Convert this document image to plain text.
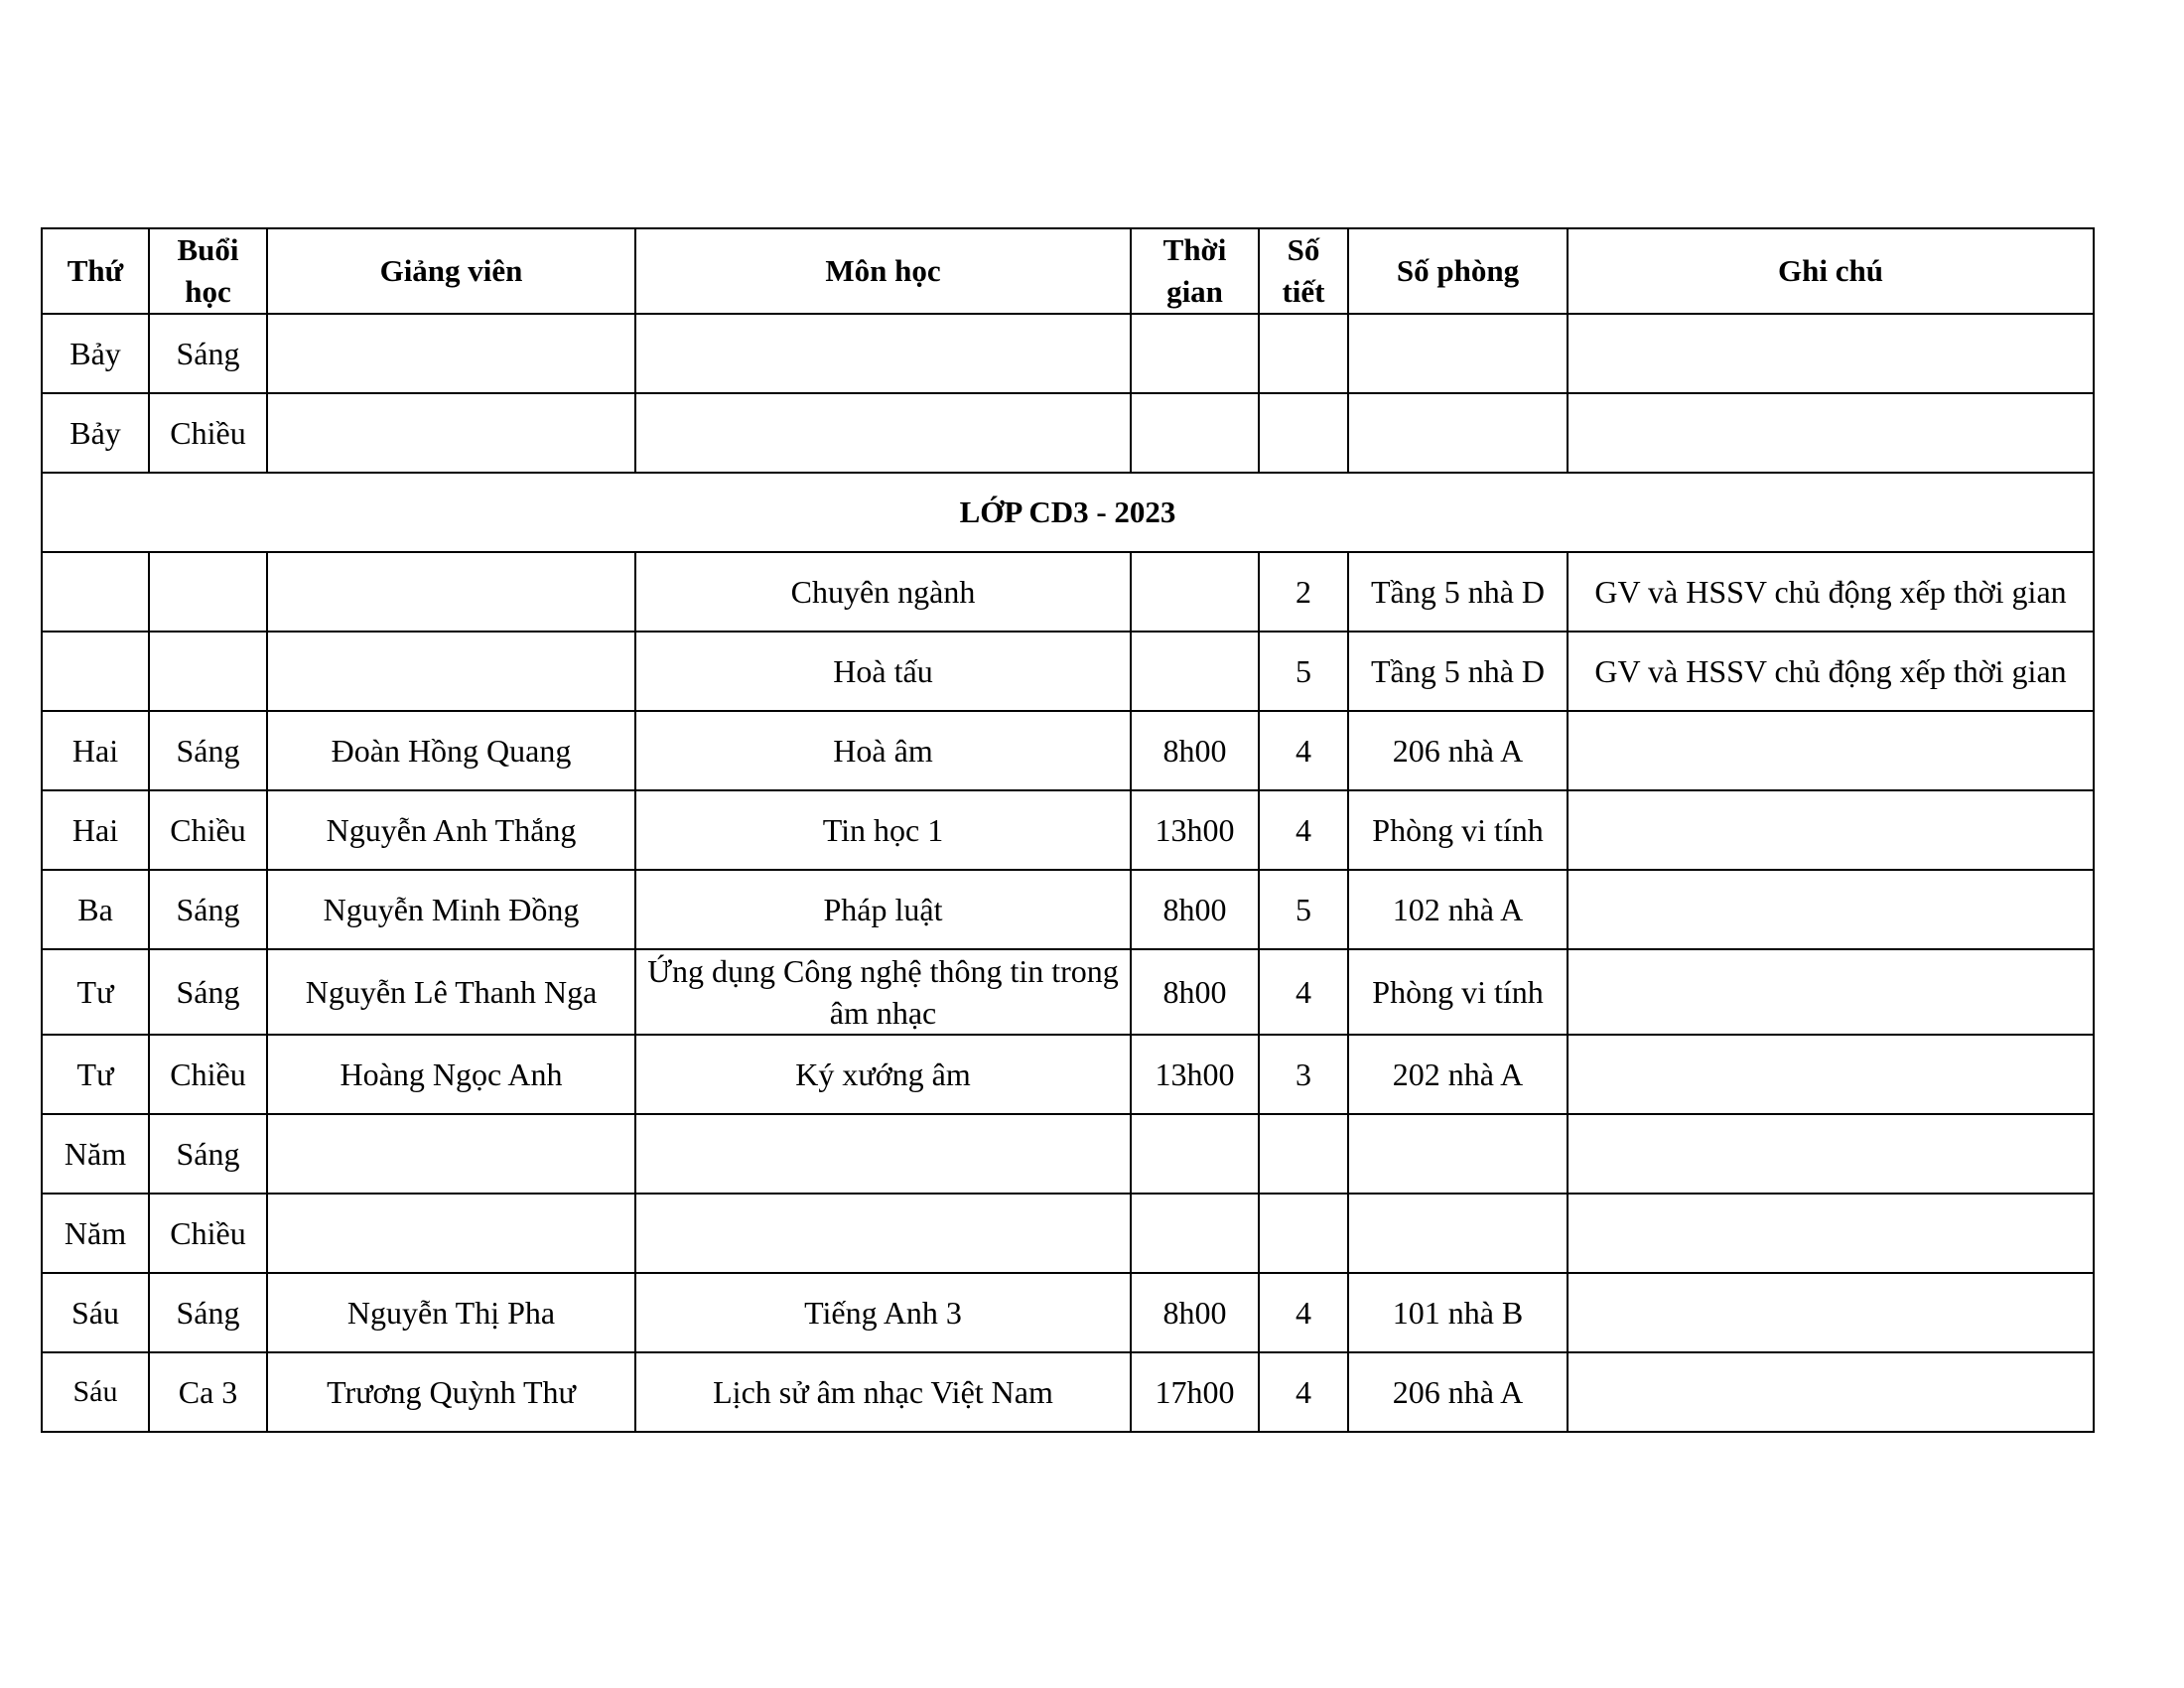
Thứ	Buổi học	Giảng viên	Môn học	Thời gian	Số tiết	Số phòng	Ghi chú
Bảy	Sáng						
Bảy	Chiều						
LỚP CD3 - 2023							
			Chuyên ngành		2	Tầng 5 nhà D	GV và HSSV chủ động xếp thời gian
			Hoà tấu		5	Tầng 5 nhà D	GV và HSSV chủ động xếp thời gian
Hai	Sáng	Đoàn Hồng Quang	Hoà âm	8h00	4	206 nhà A	
Hai	Chiều	Nguyễn Anh Thắng	Tin học 1	13h00	4	Phòng vi tính	
Ba	Sáng	Nguyễn Minh Đồng	Pháp luật	8h00	5	102 nhà A	
Tư	Sáng	Nguyễn Lê Thanh Nga	Ứng dụng Công nghệ thông tin trong âm nhạc	8h00	4	Phòng vi tính	
Tư	Chiều	Hoàng Ngọc Anh	Ký xướng âm	13h00	3	202 nhà A	
Năm	Sáng						
Năm	Chiều						
Sáu	Sáng	Nguyễn Thị Pha	Tiếng Anh 3	8h00	4	101 nhà B	
Sáu	Ca 3	Trương Quỳnh Thư	Lịch sử âm nhạc Việt Nam	17h00	4	206 nhà A	
